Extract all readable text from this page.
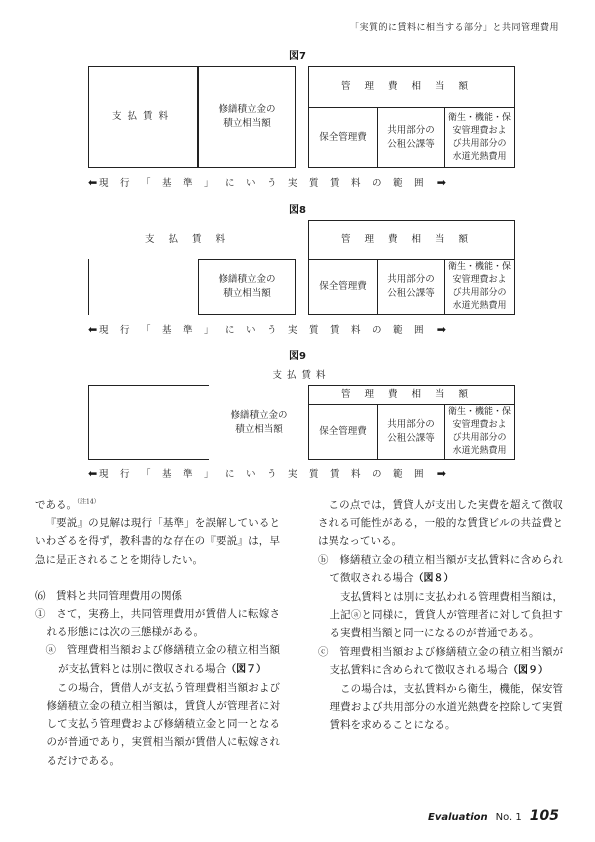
「実質的に賃料に相当する部分」と共同管理費用
図7
支払賃料
修繕積立金の
積立相当額
管理費相当額
保全管理費
共用部分の
公租公課等
衛生・機能・保
安管理費およ
び共用部分の
水道光熱費用
⬅ 現行「基準」にいう実質賃料の範囲 ➡
図8
支払賃料
修繕積立金の
積立相当額
管理費相当額
保全管理費
共用部分の
公租公課等
衛生・機能・保
安管理費およ
び共用部分の
水道光熱費用
⬅ 現行「基準」にいう実質賃料の範囲 ➡
図9
支払賃料
修繕積立金の
積立相当額
管理費相当額
保全管理費
共用部分の
公租公課等
衛生・機能・保
安管理費およ
び共用部分の
水道光熱費用
⬅ 現行「基準」にいう実質賃料の範囲 ➡

である。$^{(注14)}$

『要説』の見解は現行「基準」を誤解しているといわざるを得ず，教科書的な存在の『要説』は，早急に是正されることを期待したい。

⑹　賃料と共同管理費用の関係

①　さて，実務上，共同管理費用が賃借人に転嫁される形態には次の三態様がある。

ⓐ　管理費相当額および修繕積立金の積立相当額が支払賃料とは別に徴収される場合（図７）

この場合，賃借人が支払う管理費相当額および修繕積立金の積立相当額は，賃貸人が管理者に対して支払う管理費および修繕積立金と同一となるのが普通であり，実質相当額が賃借人に転嫁されるだけである。

この点では，賃貸人が支出した実費を超えて徴収される可能性がある，一般的な賃貸ビルの共益費とは異なっている。

ⓑ　修繕積立金の積立相当額が支払賃料に含められて徴収される場合（図８）

支払賃料とは別に支払われる管理費相当額は，上記ⓐと同様に，賃貸人が管理者に対して負担する実費相当額と同一になるのが普通である。

ⓒ　管理費相当額および修繕積立金の積立相当額が支払賃料に含められて徴収される場合（図９）

この場合は，支払賃料から衛生，機能，保安管理費および共用部分の水道光熱費を控除して実質賃料を求めることになる。

Evaluation No. 1 105
